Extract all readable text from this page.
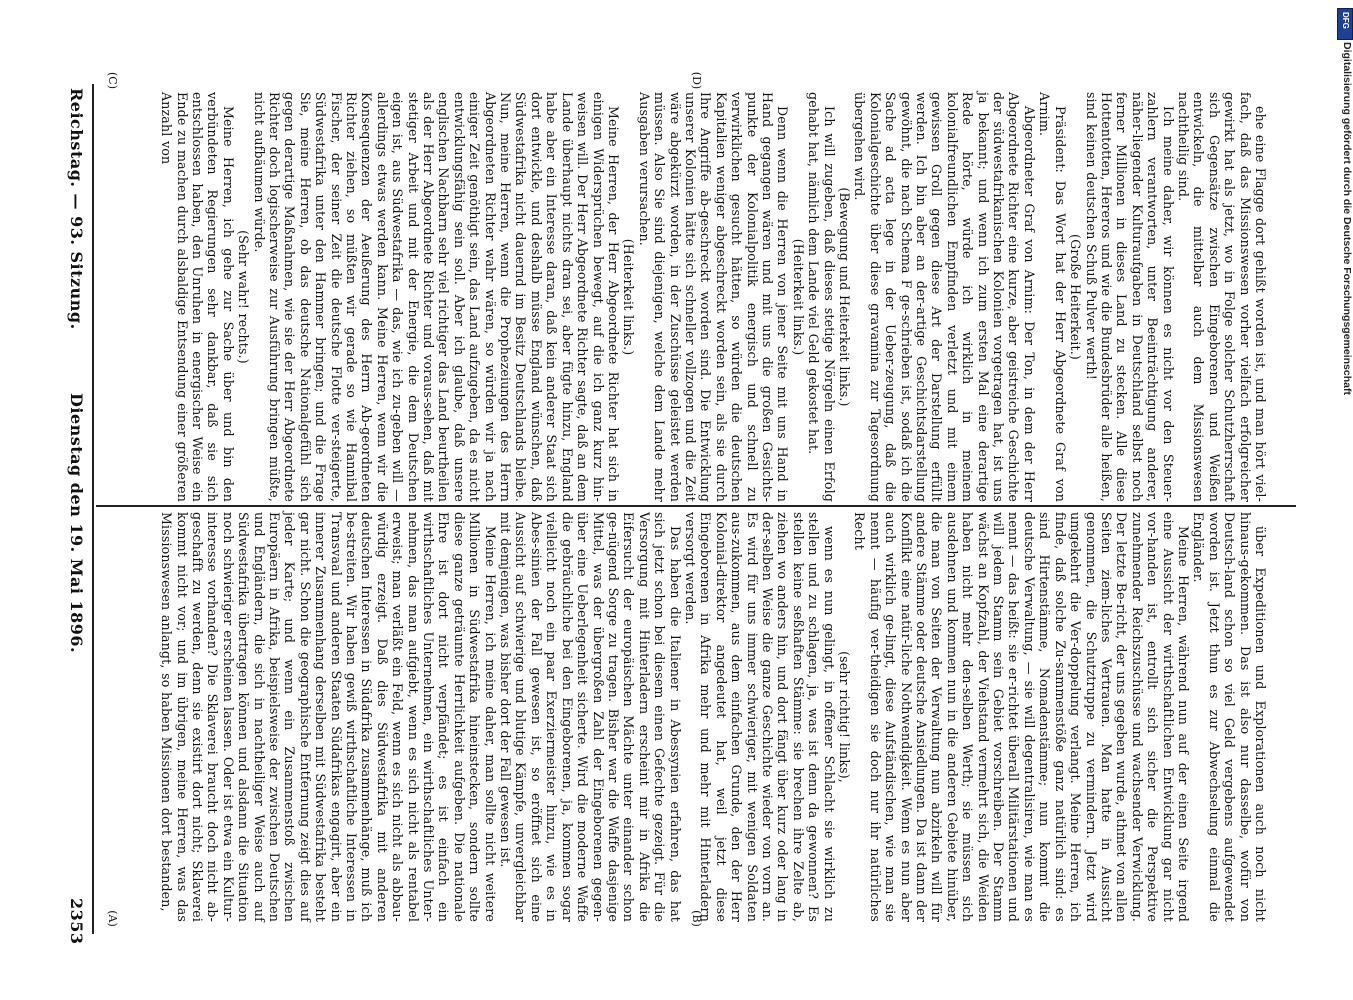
Reichstag. — 93. Sitzung.
Dienstag den 19. Mai 1896.
2353 (A)	(B)
(C)	(D)

über Expeditionen und Explorationen auch noch nicht hinaus-gekommen. Das ist also nur dasselbe, wofür von Deutsch-land schon so viel Geld vergebens aufgewendet worden ist. Jetzt thun es zur Abwechselung einmal die Engländer.

Meine Herren, während nun auf der einen Seite irgend eine Aussicht der wirthschaftlichen Entwicklung gar nicht vor-handen ist, entrollt sich sicher die Perspektive zunehmender Reichszuschüsse und wachsender Verwicklung. Der letzte Be-richt, der uns gegeben wurde, athmet von allen Seiten ziem-liches Vertrauen. Man hatte in Aussicht genommen, die Schutztruppe zu vermindern. Jetzt wird umgekehrt die Ver-doppelung verlangt. Meine Herren, ich finde, daß solche Zu-sammenstöße ganz natürlich sind: es sind Hirtenstämme, Nomadenstämme; nun kommt die deutsche Verwaltung, — sie will degentralisiren, wie man es nennt — das heißt: sie er-richtet überall Militärstationen und will jedem Stamm sein Gebiet vorschreiben. Der Stamm wächst an Kopfzahl, der Viehstand vermehrt sich, die Weiden haben nicht mehr den-selben Werth; sie müssen sich ausdehnen und kommen nun in die anderen Gebiete hinüber, die man von Seiten der Verwaltung nun abzirkeln will für andere Stämme oder deutsche Ansiedlungen. Da ist dann der Konflikt eine natür-liche Nothwendigkeit. Wenn es nun aber auch wirklich ge-lingt, diese Aufständischen, wie man sie nennt — häufig ver-theidigen sie doch nur ihr natürliches Recht

(sehr richtig! links),

wenn es nun gelingt, in offener Schlacht sie wirklich zu stellen und zu schlagen, ja, was ist denn da gewonnen? Es stellen keine seßhaften Stämme: sie brechen ihre Zelte ab, ziehen wo anders hin, und dort fängt über kurz oder lang in der-selben Weise die ganze Geschichte wieder von vorn an. Es wird für uns immer schwieriger, mit wenigen Soldaten aus-zukommen, aus dem einfachen Grunde, den der Herr Kolonial-direktor angedeutet hat, weil jetzt diese Eingeborenen in Afrika mehr und mehr mit Hinterladern versorgt werden.

Das haben die Italiener in Abessynien erfahren, das hat sich jetzt schon bei diesem einen Gefechte gezeigt. Für die Versorgung mit Hinterladern erscheint mir in Afrika die Eifersucht der europäischen Mächte unter einander schon ge-nügend Sorge zu tragen. Bisher war die Waffe dasjenige Mittel, was der übergroßen Zahl der Eingeborenen gegen-über eine Ueberlegenheit sicherte. Wird die moderne Waffe die gebräuchliche bei den Eingeborenen, ja, kommen sogar vielleicht noch ein paar Exerziermeister hinzu, wie es in Abes-sinien der Fall gewesen ist, so eröffnet sich eine Aussicht auf schwierige und blutige Kämpfe, unvergleichbar mit demjenigen, was bisher dort der Fall gewesen ist.

Meine Herren, ich meine daher, man sollte nicht weitere Millionen in Südwestafrika hineinstecken, sondern sollte diese ganze geträumte Herrlichkeit aufgeben. Die nationale Ehre ist dort nicht verpfändet; es ist einfach ein wirthschaftliches Unternehmen, ein wirthschaftliches Unter-nehmen, das man aufgiebt, wenn es sich nicht als rentabel erweist; man verläßt ein Feld, wenn es sich nicht als abbau-würdig erzeigt. Daß dies Südwestafrika mit anderen deutschen Interessen in Südafrika zusammenhänge, muß ich be-streiten. Wir haben gewiß wirthschaftliche Interessen in Transvaal und anderen Staaten Südafrikas engagirt, aber ein innerer Zusammenhang derselben mit Südwestafrika besteht gar nicht. Schon die geographische Entfernung zeigt dies auf jeder Karte; und wenn ein Zusammenstoß zwischen Europäern in Afrika, beispielsweise der zwischen Deutschen und Engländern, die sich in nachtheiliger Weise auch auf Südwestafrika übertragen können und alsdann die Situation noch schwieriger erscheinen lassen. Oder ist etwa ein Kultur-interesse vorhanden? Die Sklaverei braucht doch nicht ab-geschafft zu werden, denn sie existirt dort nicht; Sklaverei kommt nicht vor; und im übrigen, meine Herren, was das Missionswesen anlangt, so haben Missionen dort bestanden,

ehe eine Flagge dort gehißt worden ist, und man hört viel-fach, daß das Missionswesen vorher vielfach erfolgreicher gewirkt hat als jetzt, wo in Folge solcher Schutzherrschaft sich Gegensätze zwischen Eingeborenen und Weißen entwickeln, die mittelbar auch dem Missionswesen nachtheilig sind.

Ich meine daher, wir können es nicht vor den Steuer-zahlern verantworten, unter Beeinträchtigung anderer, näher-liegender Kulturaufgaben in Deutschland selbst noch ferner Millionen in dieses Land zu stecken. Alle diese Hottentotten, Hereros und wie die Bundesbrüder alle heißen, sind keinen deutschen Schuß Pulver werth!

(Große Heiterkeit.)

Präsident: Das Wort hat der Herr Abgeordnete Graf von Arnim.

Abgeordneter Graf von Arnim: Der Ton, in dem der Herr Abgeordnete Richter eine kurze, aber geistreiche Geschichte der südwestafrikanischen Kolonien vorgetragen hat, ist uns ja bekannt; und wenn ich zum ersten Mal eine derartige Rede hörte, würde ich wirklich in meinem kolonialfreundlichen Empfinden verletzt und mit einem gewissen Groll gegen diese Art der Darstellung erfüllt werden. Ich bin aber an der-artige Geschichtsdarstellung gewöhnt, die nach Schema F ge-schrieben ist, sodaß ich die Sache ad acta lege in der Ueber-zeugung, daß die Kolonialgeschichte über diese gravamina zur Tagesordnung übergehen wird.

(Bewegung und Heiterkeit links.)

Ich will zugeben, daß dieses stetige Nörgeln einen Erfolg gehabt hat, nämlich dem Lande viel Geld gekostet hat.

(Heiterkeit links.)

Denn wenn die Herren von jener Seite mit uns Hand in Hand gegangen wären und mit uns die großen Gesichts-punkte der Kolonialpolitik energisch und schnell zu verwirklichen gesucht hätten, so würden die deutschen Kapitalien weniger abgeschreckt worden sein, als sie durch Ihre Angriffe ab-geschreckt worden sind. Die Entwicklung unserer Kolonien hätte sich schneller vollzogen und die Zeit wäre abgekürzt worden, in der Zuschüsse geleistet werden müssen. Also Sie sind diejenigen, welche dem Lande mehr Ausgaben verursachen.

(Heiterkeit links.)

Meine Herren, der Herr Abgeordnete Richter hat sich in einigen Widersprüchen bewegt, auf die ich ganz kurz hin-weisen will. Der Herr Abgeordnete Richter sagte, daß an dem Lande überhaupt nichts dran sei, aber fügte hinzu, England habe aber ein Interesse daran, daß kein anderer Staat sich dort entwickle, und deshalb müsse England wünschen, daß Südwestafrika nicht dauernd im Besitz Deutschlands bleibe. Nun, meine Herren, wenn die Prophezeiungen des Herrn Abgeordneten Richter wahr wären, so würden wir ja nach einiger Zeit genöthigt sein, das Land aufzugeben, da es nicht entwicklungsfähig sein soll. Aber ich glaube, daß unsere englischen Nachbarn sehr viel richtiger das Land beurtheilen als der Herr Abgeordnete Richter und voraus-sehen, daß mit stetiger Arbeit und mit der Energie, die dem Deutschen eigen ist, aus Südwestafrika — das, wie ich zu-geben will — allerdings etwas werden kann. Meine Herren, wenn wir die Konsequenzen der Aeußerung des Herrn Ab-geordneten Richter ziehen, so müßten wir gerade so wie Hannibal Fischer, der seiner Zeit die deutsche Flotte ver-steigerte, Südwestafrika unter den Hammer bringen; und die Frage Sie, meine Herren, ob das deutsche Nationalgefühl sich gegen derartige Maßnahmen, wie sie der Herr Abgeordnete Richter doch logischerweise zur Ausführung bringen müßte, nicht aufbäumen würde.

(Sehr wahr! rechts.)

Meine Herren, ich gehe zur Sache über und bin den verbündeten Regierungen sehr dankbar, daß sie sich entschlossen haben, den Unruhen in energischer Weise ein Ende zu machen durch alsbaldige Entsendung einer größeren Anzahl von

DFG
Digitalisierung gefördert durch die Deutsche Forschungsgemeinschaft
